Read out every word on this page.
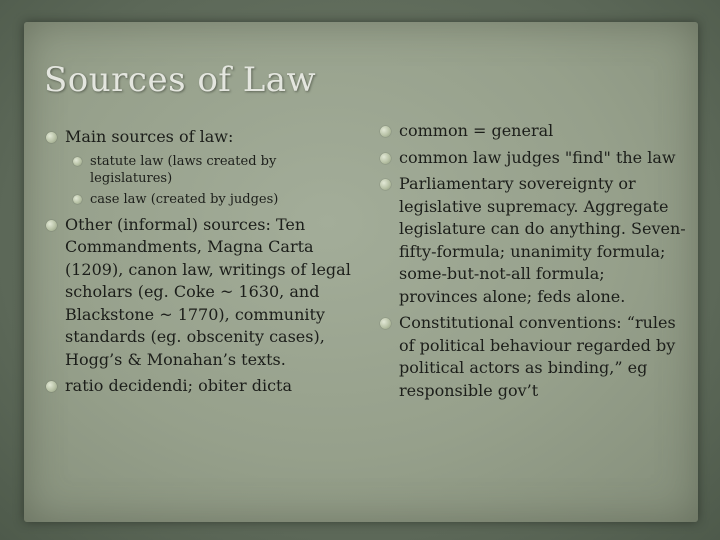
Sources of Law
Main sources of law:
statute law (laws created by legislatures)
case law (created by judges)
Other (informal) sources: Ten Commandments, Magna Carta (1209), canon law, writings of legal scholars (eg. Coke ~ 1630, and Blackstone ~ 1770), community standards (eg. obscenity cases), Hogg’s & Monahan’s texts.
ratio decidendi; obiter dicta
common = general
common law judges "find" the law
Parliamentary sovereignty or legislative supremacy. Aggregate legislature can do anything. Seven-fifty-formula; unanimity formula; some-but-not-all formula; provinces alone; feds alone.
Constitutional conventions: “rules of political behaviour regarded by political actors as binding,” eg responsible gov’t
